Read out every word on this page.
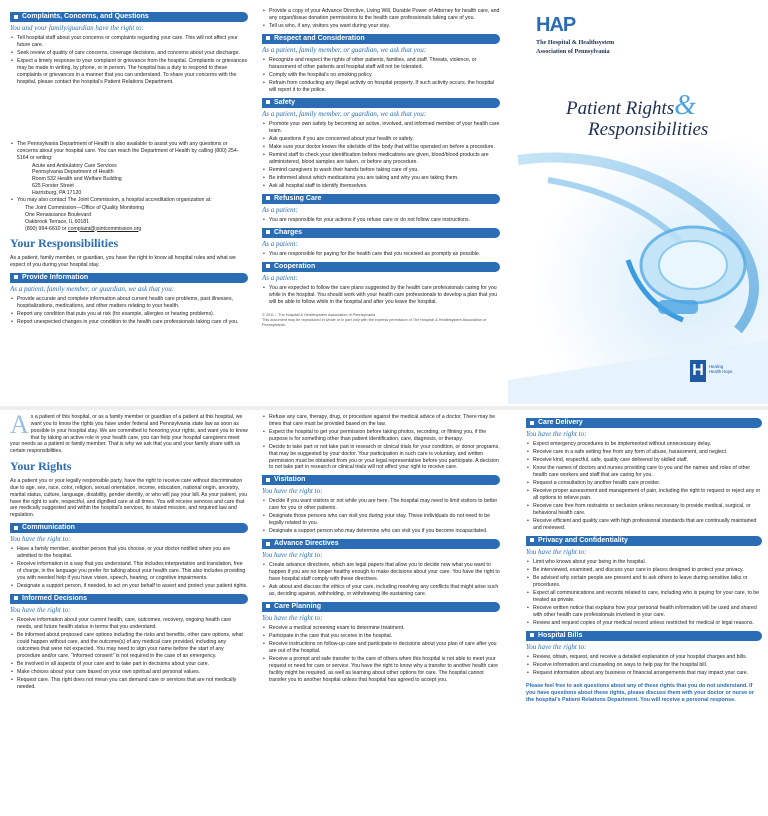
Complaints, Concerns, and Questions
You and your family/guardian have the right to:
• Tell hospital staff about your concerns or complaints regarding your care. This will not affect your future care.
• Seek review of quality of care concerns, coverage decisions, and concerns about your discharge.
• Expect a timely response to your complaint or grievance from the hospital. Complaints or grievances may be made in writing, by phone, or in person. The hospital has a duty to respond to these complaints or grievances in a manner that you can understand. To share your concerns with the hospital, please contact the hospital’s Patient Relations Department.
• The Pennsylvania Department of Health is also available to assist you with any questions or concerns about your hospital care. You can reach the Department of Health by calling (800) 254-5164 or writing:
Acute and Ambulatory Care Services
Pennsylvania Department of Health
Room 532 Health and Welfare Building
625 Forster Street
Harrisburg, PA 17120
• You may also contact The Joint Commission, a hospital accreditation organization at:
The Joint Commission—Office of Quality Monitoring
One Renaissance Boulevard
Oakbrook Terrace, IL 60181
(800) 994-6610 or complaint@jointcommission.org
Your Responsibilities

As a patient, family member, or guardian, you have the right to know all hospital rules and what we expect of you during your hospital stay.

Provide Information
As a patient, family member, or guardian, we ask that you:
• Provide accurate and complete information about current health care problems, past illnesses, hospitalizations, medications, and other matters relating to your health.
• Report any condition that puts you at risk (for example, allergies or hearing problems).
• Report unexpected changes in your condition to the health care professionals taking care of you.
• Provide a copy of your Advance Directive, Living Will, Durable Power of Attorney for health care, and any organ/tissue donation permissions to the health care professionals taking care of you.
• Tell us who, if any, visitors you want during your stay.
Respect and Consideration
As a patient, family member, or guardian, we ask that you:
• Recognize and respect the rights of other patients, families, and staff. Threats, violence, or harassment of other patients and hospital staff will not be tolerated.
• Comply with the hospital’s no smoking policy.
• Refrain from conducting any illegal activity on hospital property. If such activity occurs, the hospital will report it to the police.
Safety
As a patient, family member, or guardian, we ask that you:
• Promote your own safety by becoming an active, involved, and informed member of your health care team.
• Ask questions if you are concerned about your health or safety.
• Make sure your doctor knows the site/side of the body that will be operated on before a procedure.
• Remind staff to check your identification before medications are given, blood/blood products are administered, blood samples are taken, or before any procedure.
• Remind caregivers to wash their hands before taking care of you.
• Be informed about which medications you are taking and why you are taking them.
• Ask all hospital staff to identify themselves.
Refusing Care
As a patient:
• You are responsible for your actions if you refuse care or do not follow care instructions.
Charges
As a patient:
• You are responsible for paying for the health care that you received as promptly as possible.
Cooperation
As a patient:
• You are expected to follow the care plans suggested by the health care professionals caring for you while in the hospital. You should work with your health care professionals to develop a plan that you will be able to follow while in the hospital and after you leave the hospital.
© 2011 – The Hospital & Healthsystem Association of Pennsylvania
This document may be reproduced in whole or in part only with the express permission of The Hospital & Healthsystem Association of Pennsylvania.
HAP
The Hospital & Healthsystem
Association of Pennsylvania
Patient Rights&
Responsibilities
H	Healing Health Hope.

As a patient of this hospital, or as a family member or guardian of a patient at this hospital, we want you to know the rights you have under federal and Pennsylvania state law as soon as possible in your hospital stay. We are committed to honoring your rights, and want you to know that by taking an active role in your health care, you can help your hospital caregivers meet your needs as a patient or family member. That is why we ask that you and your family share with us certain responsibilities.

Your Rights

As a patient you or your legally responsible party, have the right to receive care without discrimination due to age, sex, race, color, religion, sexual orientation, income, education, national origin, ancestry, marital status, culture, language, disability, gender identity, or who will pay your bill. As your patient, you have the right to safe, respectful, and dignified care at all times. You will receive services and care that are medically suggested and within the hospital’s services, its stated mission, and required law and regulation.

Communication
You have the right to:
• Have a family member, another person that you choose, or your doctor notified when you are admitted to the hospital.
• Receive information in a way that you understand. This includes interpretation and translation, free of charge, in the language you prefer for talking about your health care. This also includes providing you with needed help if you have vision, speech, hearing, or cognitive impairments.
• Designate a support person, if needed, to act on your behalf to assert and protect your patient rights.
Informed Decisions
You have the right to:
• Receive information about your current health, care, outcomes, recovery, ongoing health care needs, and future health status in terms that you understand.
• Be informed about proposed care options including the risks and benefits, other care options, what could happen without care, and the outcome(s) of any medical care provided, including any outcomes that were not expected. You may need to sign your name before the start of any procedure and/or care. “Informed consent” is not required in the case of an emergency.
• Be involved in all aspects of your care and to take part in decisions about your care.
• Make choices about your care based on your own spiritual and personal values.
• Request care. This right does not mean you can demand care or services that are not medically needed.
• Refuse any care, therapy, drug, or procedure against the medical advice of a doctor. There may be times that care must be provided based on the law.
• Expect the hospital to get your permission before taking photos, recording, or filming you, if the purpose is for something other than patient identification, care, diagnosis, or therapy.
• Decide to take part or not take part in research or clinical trials for your condition, or donor programs, that may be suggested by your doctor. Your participation in such care is voluntary, and written permission must be obtained from you or your legal representative before you participate. A decision to not take part in research or clinical trials will not affect your right to receive care.
Visitation
You have the right to:
• Decide if you want visitors or not while you are here. The hospital may need to limit visitors to better care for you or other patients.
• Designate those persons who can visit you during your stay. These individuals do not need to be legally related to you.
• Designate a support person who may determine who can visit you if you become incapacitated.
Advance Directives
You have the right to:
• Create advance directives, which are legal papers that allow you to decide now what you want to happen if you are no longer healthy enough to make decisions about your care. You have the right to have hospital staff comply with these directives.
• Ask about and discuss the ethics of your care, including resolving any conflicts that might arise such as, deciding against, withholding, or withdrawing life-sustaining care.
Care Planning
You have the right to:
• Receive a medical screening exam to determine treatment.
• Participate in the care that you receive in the hospital.
• Receive instructions on follow-up care and participate in decisions about your plan of care after you are out of the hospital.
• Receive a prompt and safe transfer to the care of others when this hospital is not able to meet your request or need for care or service. You have the right to know why a transfer to another health care facility might be required, as well as learning about other options for care. The hospital cannot transfer you to another hospital unless that hospital has agreed to accept you.
Care Delivery
You have the right to:
• Expect emergency procedures to be implemented without unnecessary delay.
• Receive care in a safe setting free from any form of abuse, harassment, and neglect.
• Receive kind, respectful, safe, quality care delivered by skilled staff.
• Know the names of doctors and nurses providing care to you and the names and roles of other health care workers and staff that are caring for you.
• Request a consultation by another health care provider.
• Receive proper assessment and management of pain, including the right to request or reject any or all options to relieve pain.
• Receive care free from restraints or seclusion unless necessary to provide medical, surgical, or behavioral health care.
• Receive efficient and quality care with high professional standards that are continually maintained and reviewed.
Privacy and Confidentiality
You have the right to:
• Limit who knows about your being in the hospital.
• Be interviewed, examined, and discuss your care in places designed to protect your privacy.
• Be advised why certain people are present and to ask others to leave during sensitive talks or procedures.
• Expect all communications and records related to care, including who is paying for your care, to be treated as private.
• Receive written notice that explains how your personal health information will be used and shared with other health care professionals involved in your care.
• Review and request copies of your medical record unless restricted for medical or legal reasons.
Hospital Bills
You have the right to:
• Review, obtain, request, and receive a detailed explanation of your hospital charges and bills.
• Receive information and counseling on ways to help pay for the hospital bill.
• Request information about any business or financial arrangements that may impact your care.

Please feel free to ask questions about any of these rights that you do not understand. If you have questions about these rights, please discuss them with your doctor or nurse or the hospital’s Patient Relations Department. You will receive a personal response.
